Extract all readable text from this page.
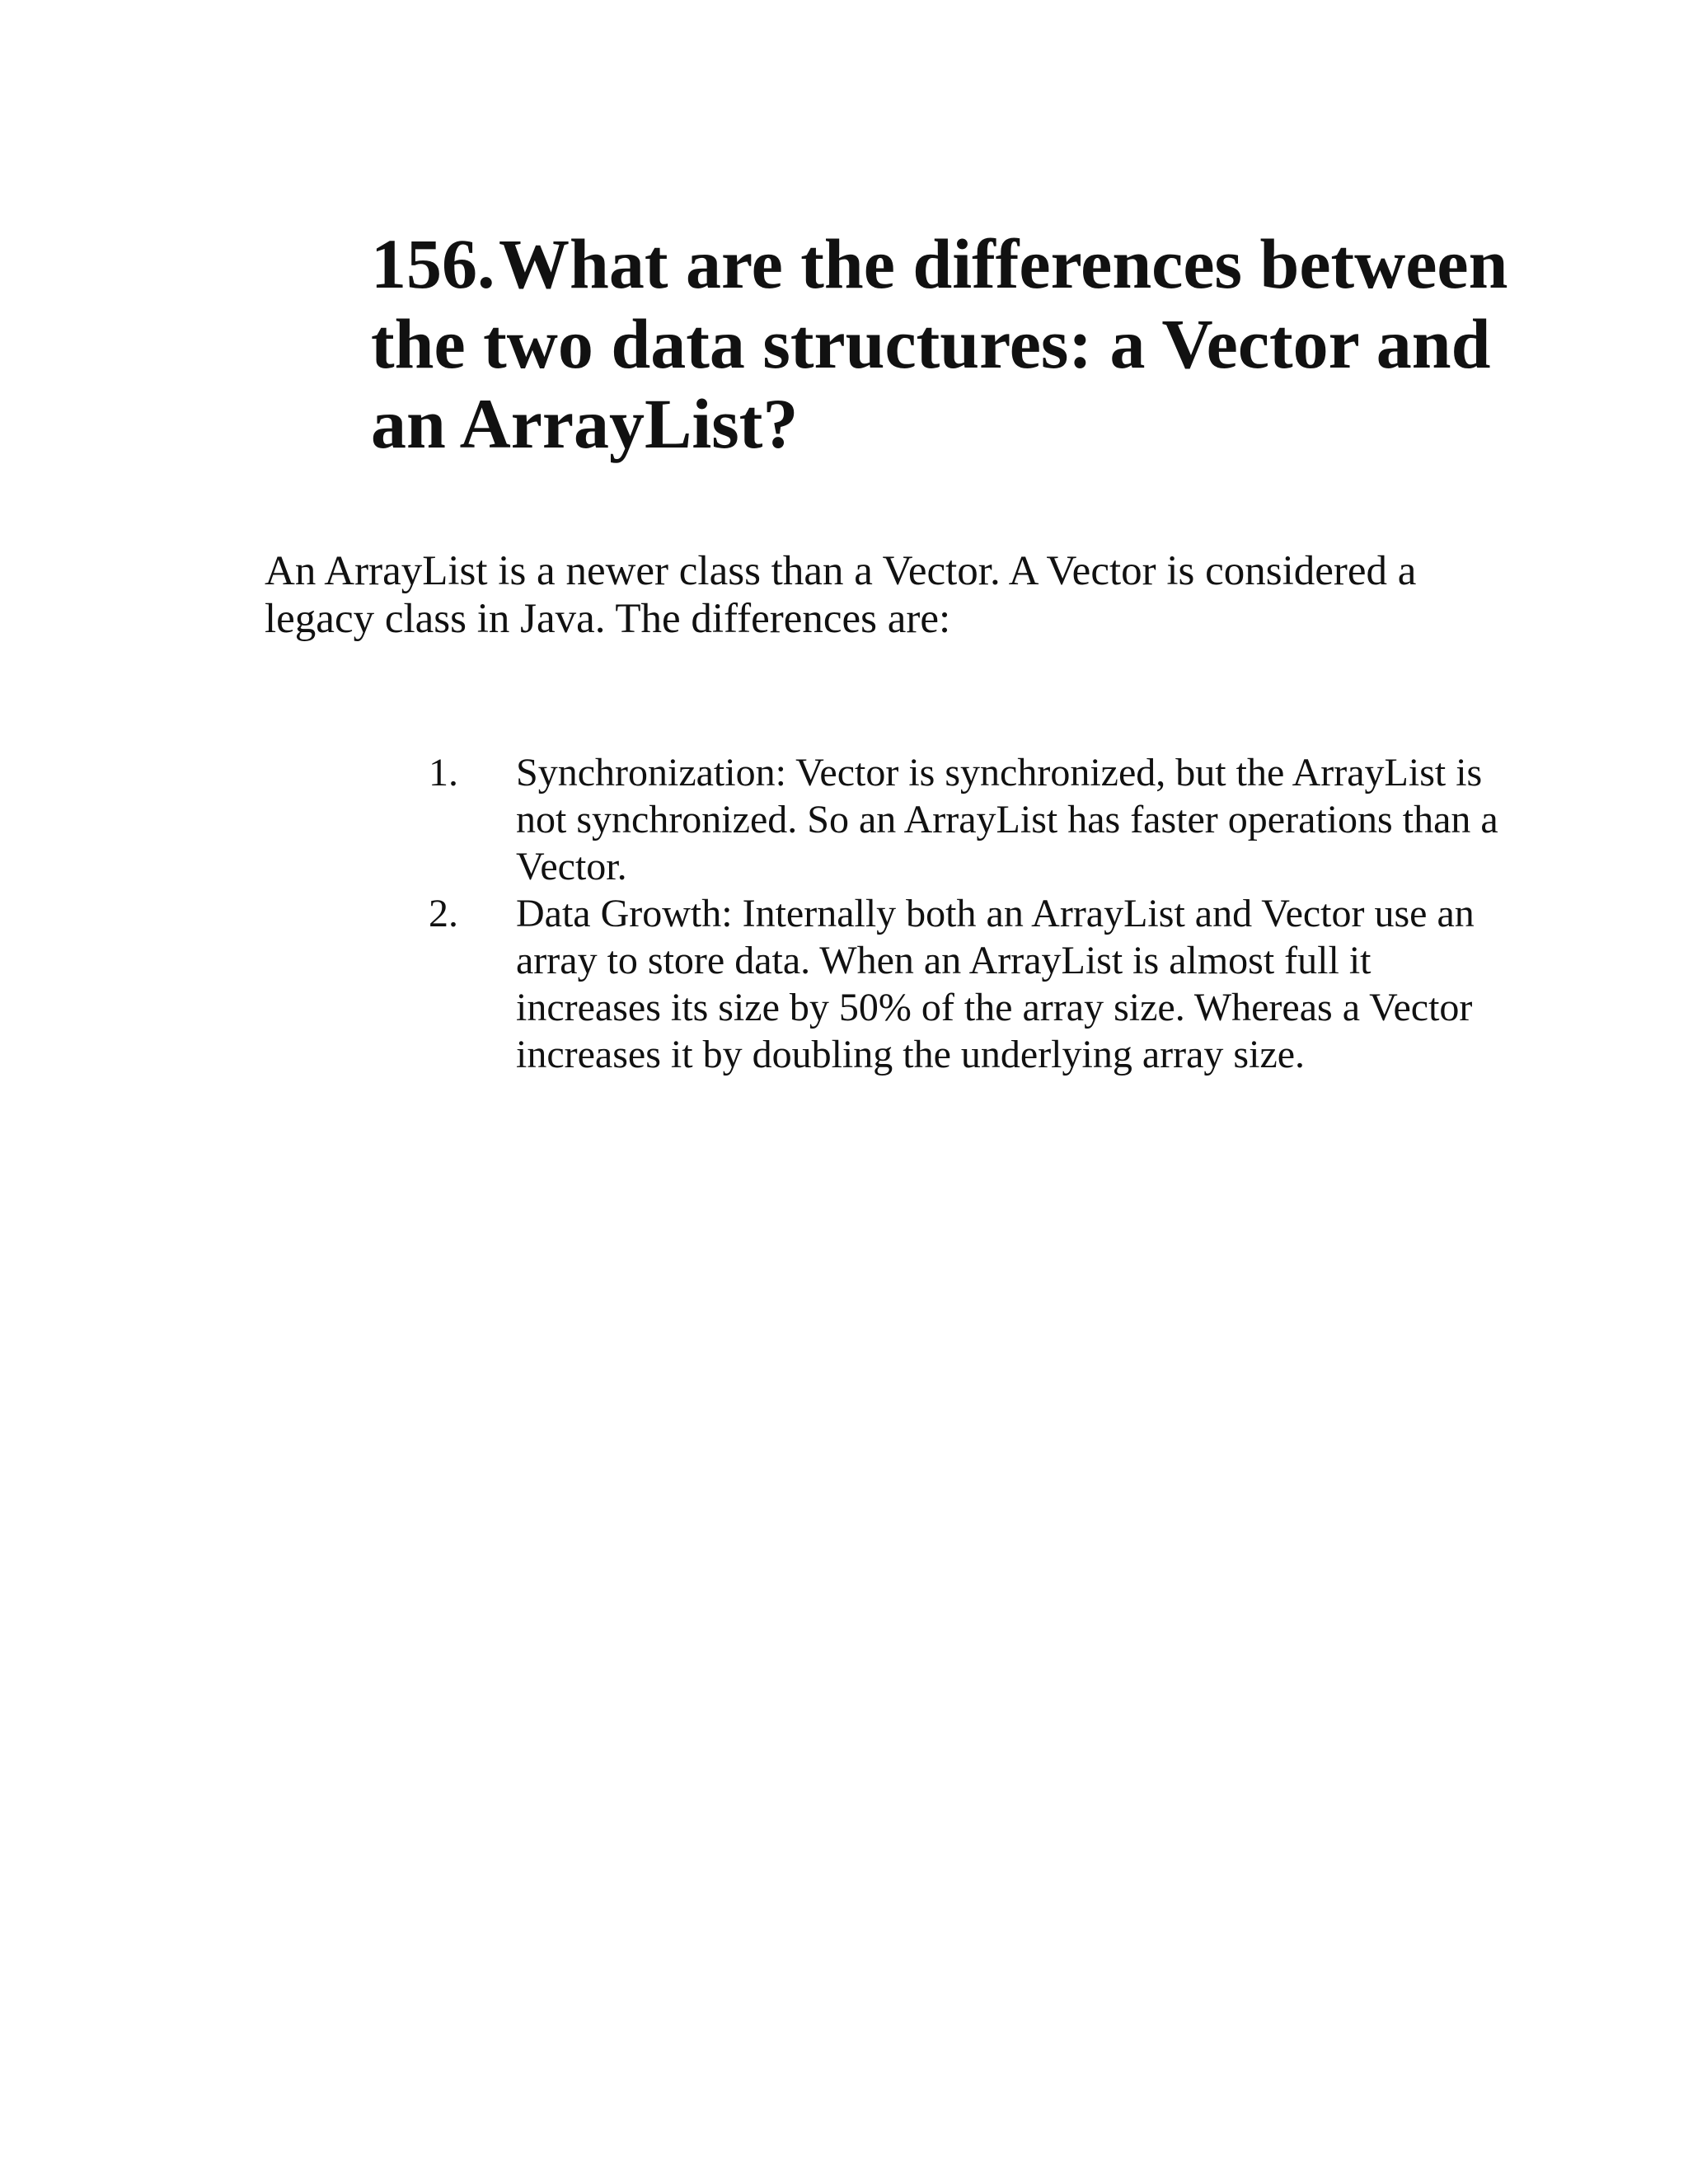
156.What are the differences between the two data structures: a Vector and an ArrayList?

An ArrayList is a newer class than a Vector. A Vector is considered a legacy class in Java. The differences are:

1. Synchronization: Vector is synchronized, but the ArrayList is not synchronized. So an ArrayList has faster operations than a Vector.
2. Data Growth: Internally both an ArrayList and Vector use an array to store data. When an ArrayList is almost full it increases its size by 50% of the array size. Whereas a Vector increases it by doubling the underlying array size.
